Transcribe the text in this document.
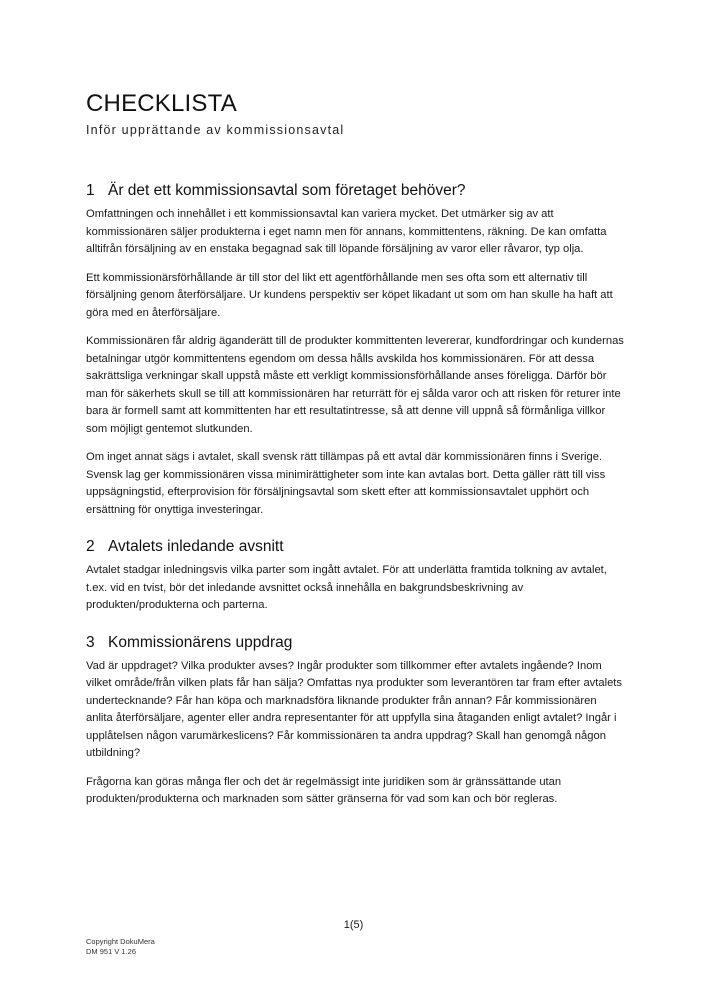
CHECKLISTA
Inför upprättande av kommissionsavtal
1 Är det ett kommissionsavtal som företaget behöver?

Omfattningen och innehållet i ett kommissionsavtal kan variera mycket. Det utmärker sig av att kommissionären säljer produkterna i eget namn men för annans, kommittentens, räkning. De kan omfatta alltifrån försäljning av en enstaka begagnad sak till löpande försäljning av varor eller råvaror, typ olja.

Ett kommissionärsförhållande är till stor del likt ett agentförhållande men ses ofta som ett alternativ till försäljning genom återförsäljare. Ur kundens perspektiv ser köpet likadant ut som om han skulle ha haft att göra med en återförsäljare.

Kommissionären får aldrig äganderätt till de produkter kommittenten levererar, kundfordringar och kundernas betalningar utgör kommittentens egendom om dessa hålls avskilda hos kommissionären. För att dessa sakrättsliga verkningar skall uppstå måste ett verkligt kommissionsförhållande anses föreligga. Därför bör man för säkerhets skull se till att kommissionären har returrätt för ej sålda varor och att risken för returer inte bara är formell samt att kommittenten har ett resultatintresse, så att denne vill uppnå så förmånliga villkor som möjligt gentemot slutkunden.

Om inget annat sägs i avtalet, skall svensk rätt tillämpas på ett avtal där kommissionären finns i Sverige. Svensk lag ger kommissionären vissa minimirättigheter som inte kan avtalas bort. Detta gäller rätt till viss uppsägningstid, efterprovision för försäljningsavtal som skett efter att kommissionsavtalet upphört och ersättning för onyttiga investeringar.

2 Avtalets inledande avsnitt

Avtalet stadgar inledningsvis vilka parter som ingått avtalet. För att underlätta framtida tolkning av avtalet, t.ex. vid en tvist, bör det inledande avsnittet också innehålla en bakgrundsbeskrivning av produkten/produkterna och parterna.

3 Kommissionärens uppdrag

Vad är uppdraget? Vilka produkter avses? Ingår produkter som tillkommer efter avtalets ingående? Inom vilket område/från vilken plats får han sälja? Omfattas nya produkter som leverantören tar fram efter avtalets undertecknande? Får han köpa och marknadsföra liknande produkter från annan? Får kommissionären anlita återförsäljare, agenter eller andra representanter för att uppfylla sina åtaganden enligt avtalet? Ingår i upplåtelsen någon varumärkeslicens? Får kommissionären ta andra uppdrag? Skall han genomgå någon utbildning?

Frågorna kan göras många fler och det är regelmässigt inte juridiken som är gränssättande utan produkten/produkterna och marknaden som sätter gränserna för vad som kan och bör regleras.

1(5)
Copyright DokuMera
DM 951 V 1.26
